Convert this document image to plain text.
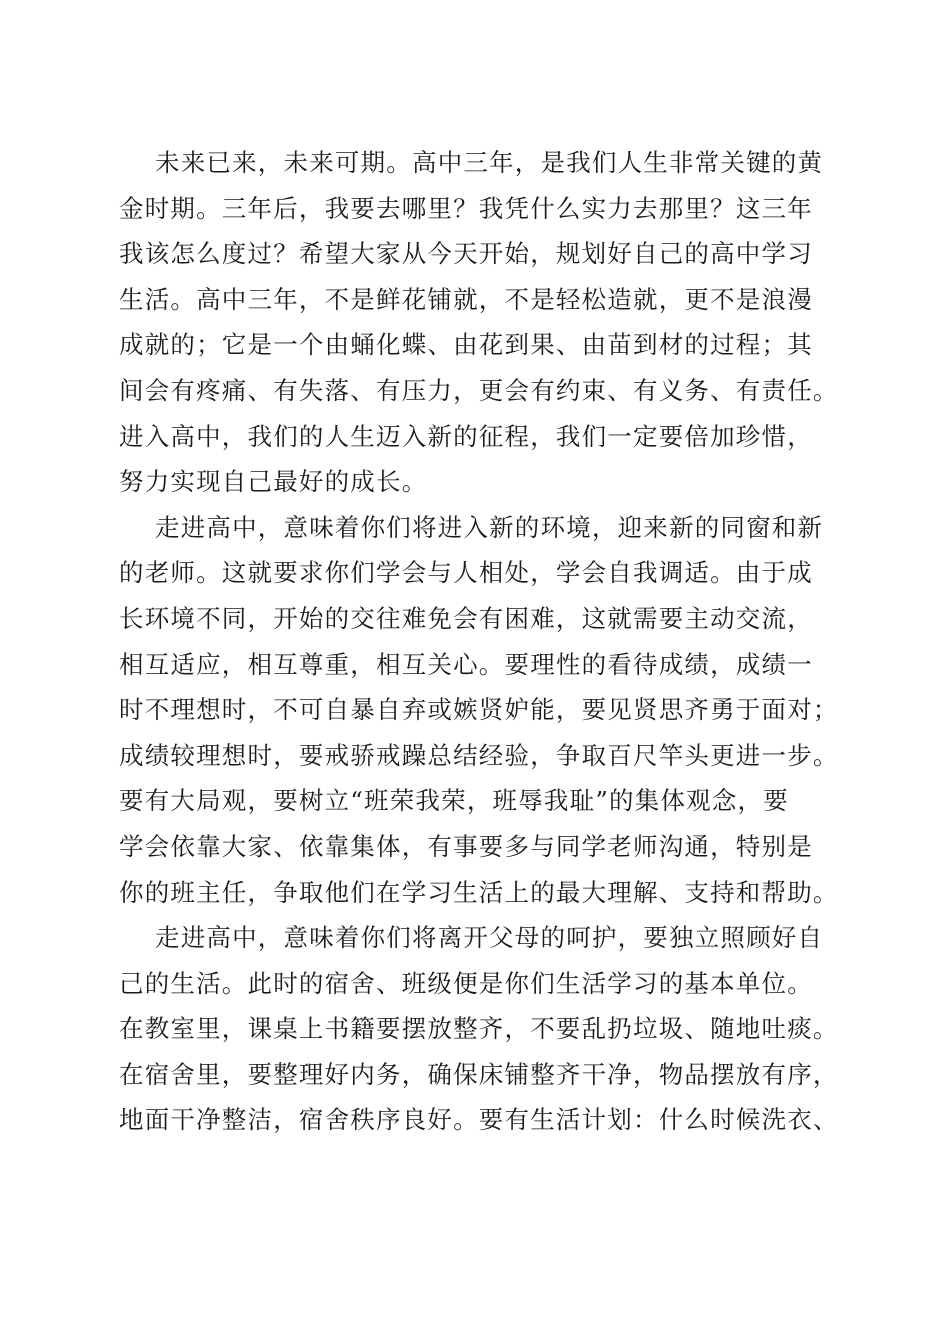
未来已来，未来可期。高中三年，是我们人生非常关键的黄
金时期。三年后，我要去哪里？我凭什么实力去那里？这三年
我该怎么度过？希望大家从今天开始，规划好自己的高中学习
生活。高中三年，不是鲜花铺就，不是轻松造就，更不是浪漫
成就的；它是一个由蛹化蝶、由花到果、由苗到材的过程；其
间会有疼痛、有失落、有压力，更会有约束、有义务、有责任。
进入高中，我们的人生迈入新的征程，我们一定要倍加珍惜，
努力实现自己最好的成长。
走进高中，意味着你们将进入新的环境，迎来新的同窗和新
的老师。这就要求你们学会与人相处，学会自我调适。由于成
长环境不同，开始的交往难免会有困难，这就需要主动交流，
相互适应，相互尊重，相互关心。要理性的看待成绩，成绩一
时不理想时，不可自暴自弃或嫉贤妒能，要见贤思齐勇于面对；
成绩较理想时，要戒骄戒躁总结经验，争取百尺竿头更进一步。
要有大局观，要树立“班荣我荣，班辱我耻”的集体观念，要
学会依靠大家、依靠集体，有事要多与同学老师沟通，特别是
你的班主任，争取他们在学习生活上的最大理解、支持和帮助。
走进高中，意味着你们将离开父母的呵护，要独立照顾好自
己的生活。此时的宿舍、班级便是你们生活学习的基本单位。
在教室里，课桌上书籍要摆放整齐，不要乱扔垃圾、随地吐痰。
在宿舍里，要整理好内务，确保床铺整齐干净，物品摆放有序，
地面干净整洁，宿舍秩序良好。要有生活计划：什么时候洗衣、
